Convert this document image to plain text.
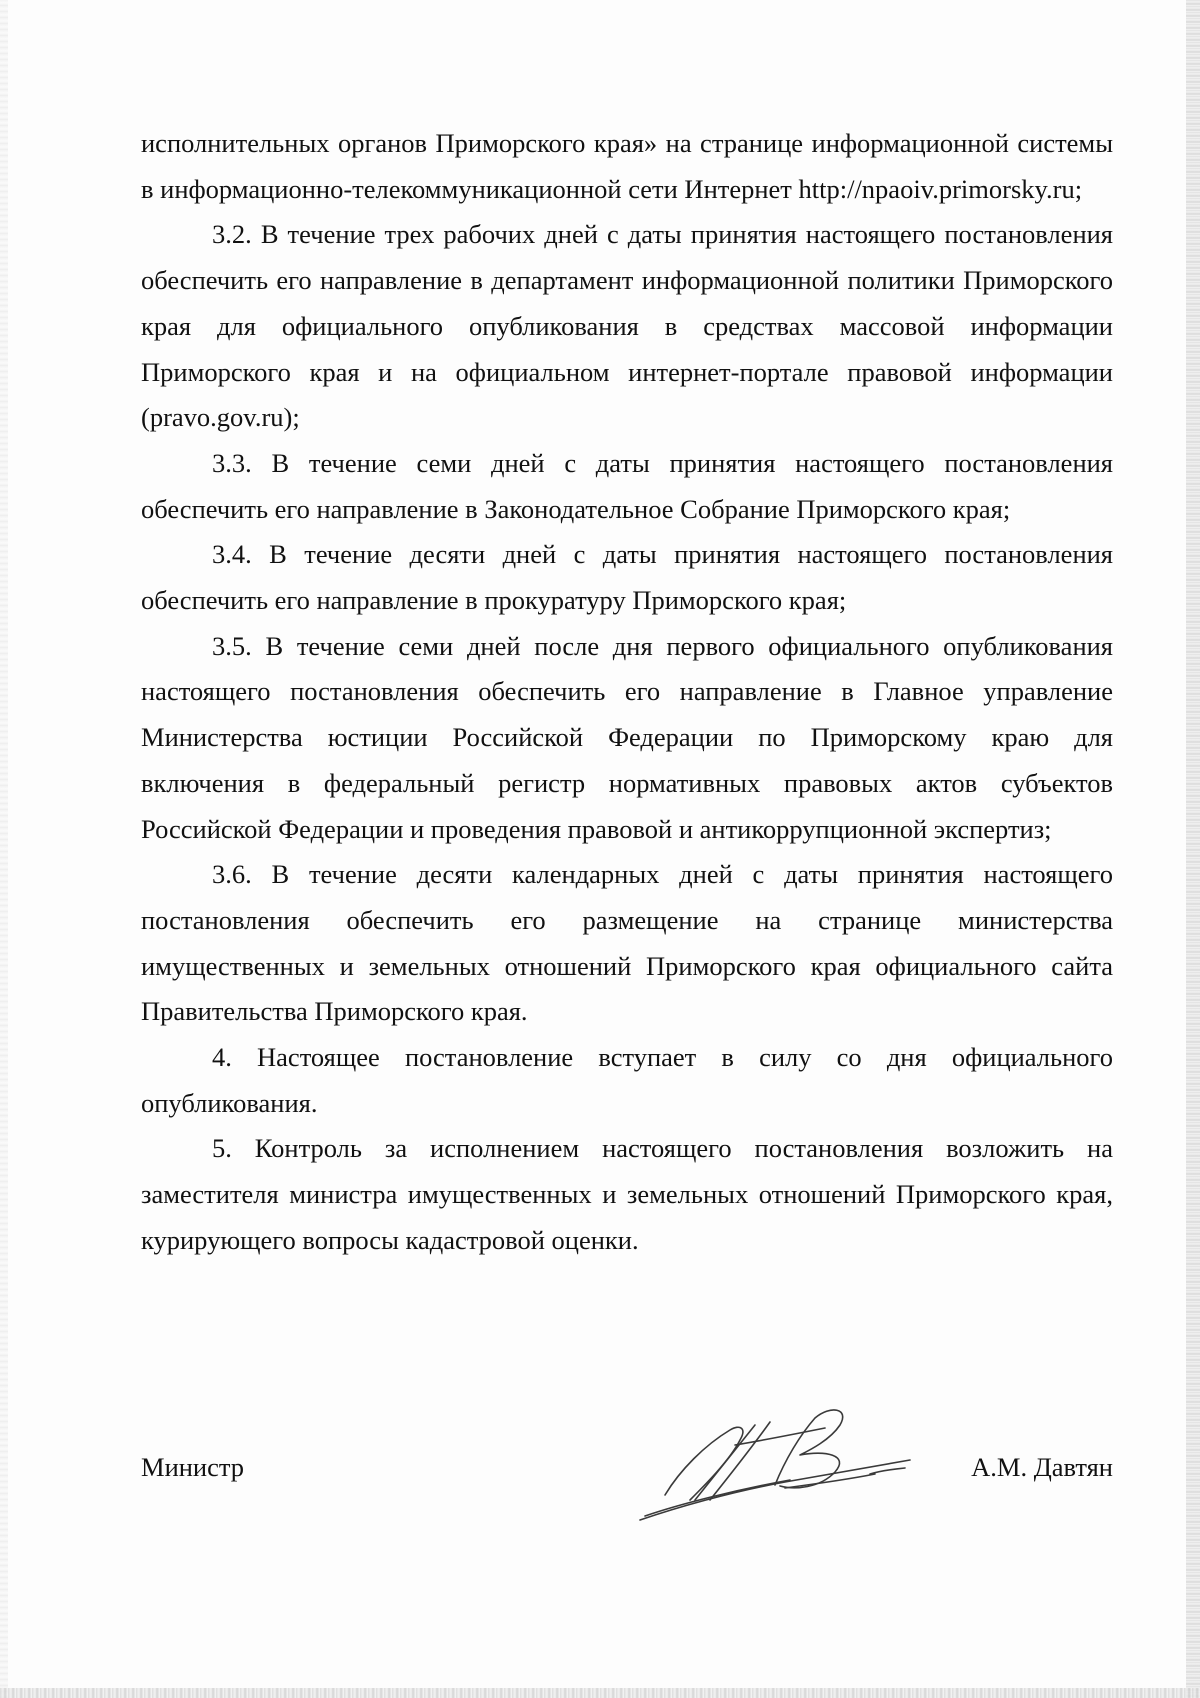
исполнительных органов Приморского края» на странице информационной системы в информационно-телекоммуникационной сети Интернет http://npaoiv.primorsky.ru;

3.2. В течение трех рабочих дней с даты принятия настоящего постановления обеспечить его направление в департамент информационной политики Приморского края для официального опубликования в средствах массовой информации Приморского края и на официальном интернет-портале правовой информации (pravo.gov.ru);

3.3. В течение семи дней с даты принятия настоящего постановления обеспечить его направление в Законодательное Собрание Приморского края;

3.4. В течение десяти дней с даты принятия настоящего постановления обеспечить его направление в прокуратуру Приморского края;

3.5. В течение семи дней после дня первого официального опубликования настоящего постановления обеспечить его направление в Главное управление Министерства юстиции Российской Федерации по Приморскому краю для включения в федеральный регистр нормативных правовых актов субъектов Российской Федерации и проведения правовой и антикоррупционной экспертиз;

3.6. В течение десяти календарных дней с даты принятия настоящего постановления обеспечить его размещение на странице министерства имущественных и земельных отношений Приморского края официального сайта Правительства Приморского края.

4. Настоящее постановление вступает в силу со дня официального опубликования.

5. Контроль за исполнением настоящего постановления возложить на заместителя министра имущественных и земельных отношений Приморского края, курирующего вопросы кадастровой оценки.

Министр	А.М. Давтян
